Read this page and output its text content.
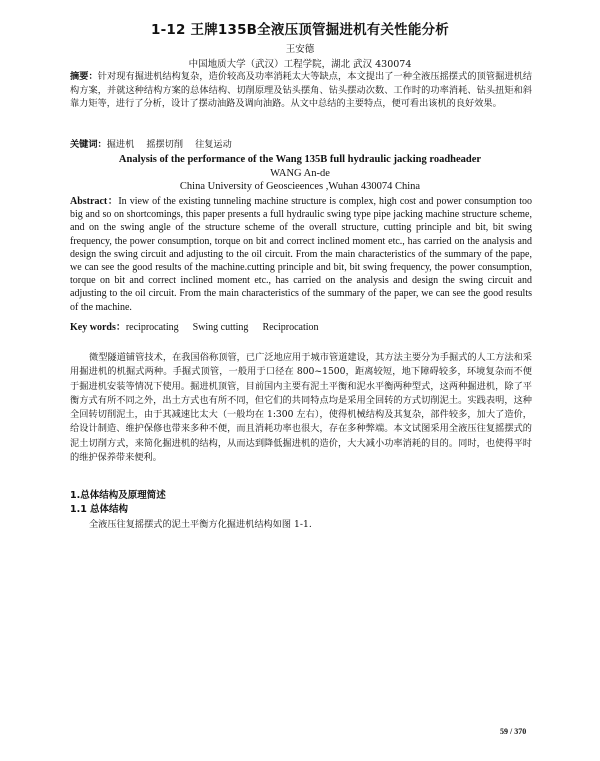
1-12 王牌135B全液压顶管掘进机有关性能分析
王安德
中国地质大学（武汉）工程学院，湖北 武汉 430074
摘要：针对现有掘进机结构复杂，造价较高及功率消耗太大等缺点，本文提出了一种全液压摇摆式的顶管掘进机结构方案，并就这种结构方案的总体结构、切削原理及钻头摆角、钻头摆动次数、工作时的功率消耗、钻头扭矩和斜靠力矩等，进行了分析，设计了摆动油路及调向油路。从文中总结的主要特点，便可看出该机的良好效果。
关键词：掘进机 摇摆切削 往复运动
Analysis of the performance of the Wang 135B full hydraulic jacking roadheader
WANG An-de
China University of Geoscieences ,Wuhan 430074 China
Abstract：In view of the existing tunneling machine structure is complex, high cost and power consumption too big and so on shortcomings, this paper presents a full hydraulic swing type pipe jacking machine structure scheme, and on the swing angle of the structure scheme of the overall structure, cutting principle and bit, bit swing frequency, the power consumption, torque on bit and correct inclined moment etc., has carried on the analysis and design the swing circuit and adjusting to the oil circuit. From the main characteristics of the summary of the pape, we can see the good results of the machine.cutting principle and bit, bit swing frequency, the power consumption, torque on bit and correct inclined moment etc., has carried on the analysis and design the swing circuit and adjusting to the oil circuit. From the main characteristics of the summary of the paper, we can see the good results of the machine.
Key words：reciprocating Swing cutting Reciprocation
微型隧道铺管技术，在我国俗称顶管，已广泛地应用于城市管道建设，其方法主要分为手掘式的人工方法和采用掘进机的机掘式两种。手掘式顶管，一般用于口径在 800~1500，距离较短，地下障碍较多，环境复杂而不便于掘进机安装等情况下使用。掘进机顶管，目前国内主要有泥土平衡和泥水平衡两种型式，这两种掘进机，除了平衡方式有所不同之外，出土方式也有所不同，但它们的共同特点均是采用全回转的方式切削泥土。实践表明，这种全回转切削泥土，由于其减速比太大（一般均在 1:300 左右），使得机械结构及其复杂，部件较多，加大了造价，给设计制造、维护保修也带来多种不便，而且消耗功率也很大，存在多种弊端。本文试图采用全液压往复摇摆式的泥土切削方式，来简化掘进机的结构，从而达到降低掘进机的造价，大大减小功率消耗的目的。同时，也使得平时的维护保养带来便利。
1.总体结构及原理简述
1.1 总体结构
全液压往复摇摆式的泥土平衡方化掘进机结构如图 1-1.
59 / 370
